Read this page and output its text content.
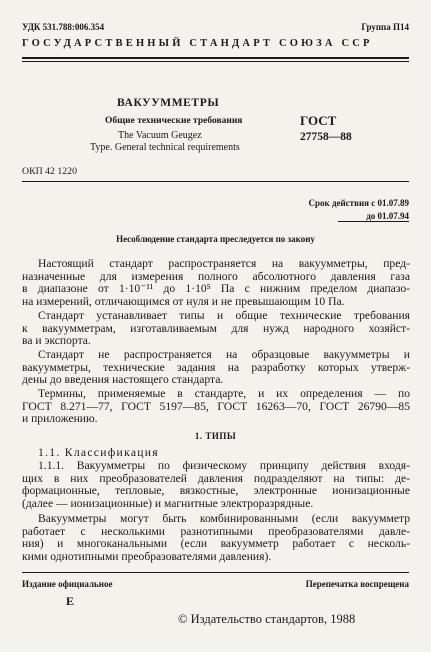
УДК 531.788:006.354	Группа П14
ГОСУДАРСТВЕННЫЙ СТАНДАРТ СОЮЗА ССР
ВАКУУММЕТРЫ
Общие технические требования
The Vacuum Geugez
Type. General technical requirements
ГОСТ
27758—88
ОКП 42 1220
Срок действия с 01.07.89
до 01.07.94
Несоблюдение стандарта преследуется по закону
Настоящий стандарт распространяется на вакуумметры, пред-
назначенные для измерения полного абсолютного давления газа
в диапазоне от 1·10⁻¹¹ до 1·10⁵ Па с нижним пределом диапазо-
на измерений, отличающимся от нуля и не превышающим 10 Па.
Стандарт устанавливает типы и общие технические требования
к вакуумметрам, изготавливаемым для нужд народного хозяйст-
ва и экспорта.
Стандарт не распространяется на образцовые вакуумметры и
вакуумметры, технические задания на разработку которых утверж-
дены до введения настоящего стандарта.
Термины, применяемые в стандарте, и их определения — по
ГОСТ 8.271—77, ГОСТ 5197—85, ГОСТ 16263—70, ГОСТ 26790—85
и приложению.
1. ТИПЫ
1.1. Классификация
1.1.1. Вакуумметры по физическому принципу действия входя-
щих в них преобразователей давления подразделяют на типы: де-
формационные, тепловые, вязкостные, электронные ионизационные
(далее — ионизационные) и магнитные электроразрядные.
Вакуумметры могут быть комбинированными (если вакуумметр
работает с несколькими разнотипными преобразователями давле-
ния) и многоканальными (если вакуумметр работает с несколь-
кими однотипными преобразователями давления).
Издание официальное	Перепечатка воспрещена
Е
© Издательство стандартов, 1988
